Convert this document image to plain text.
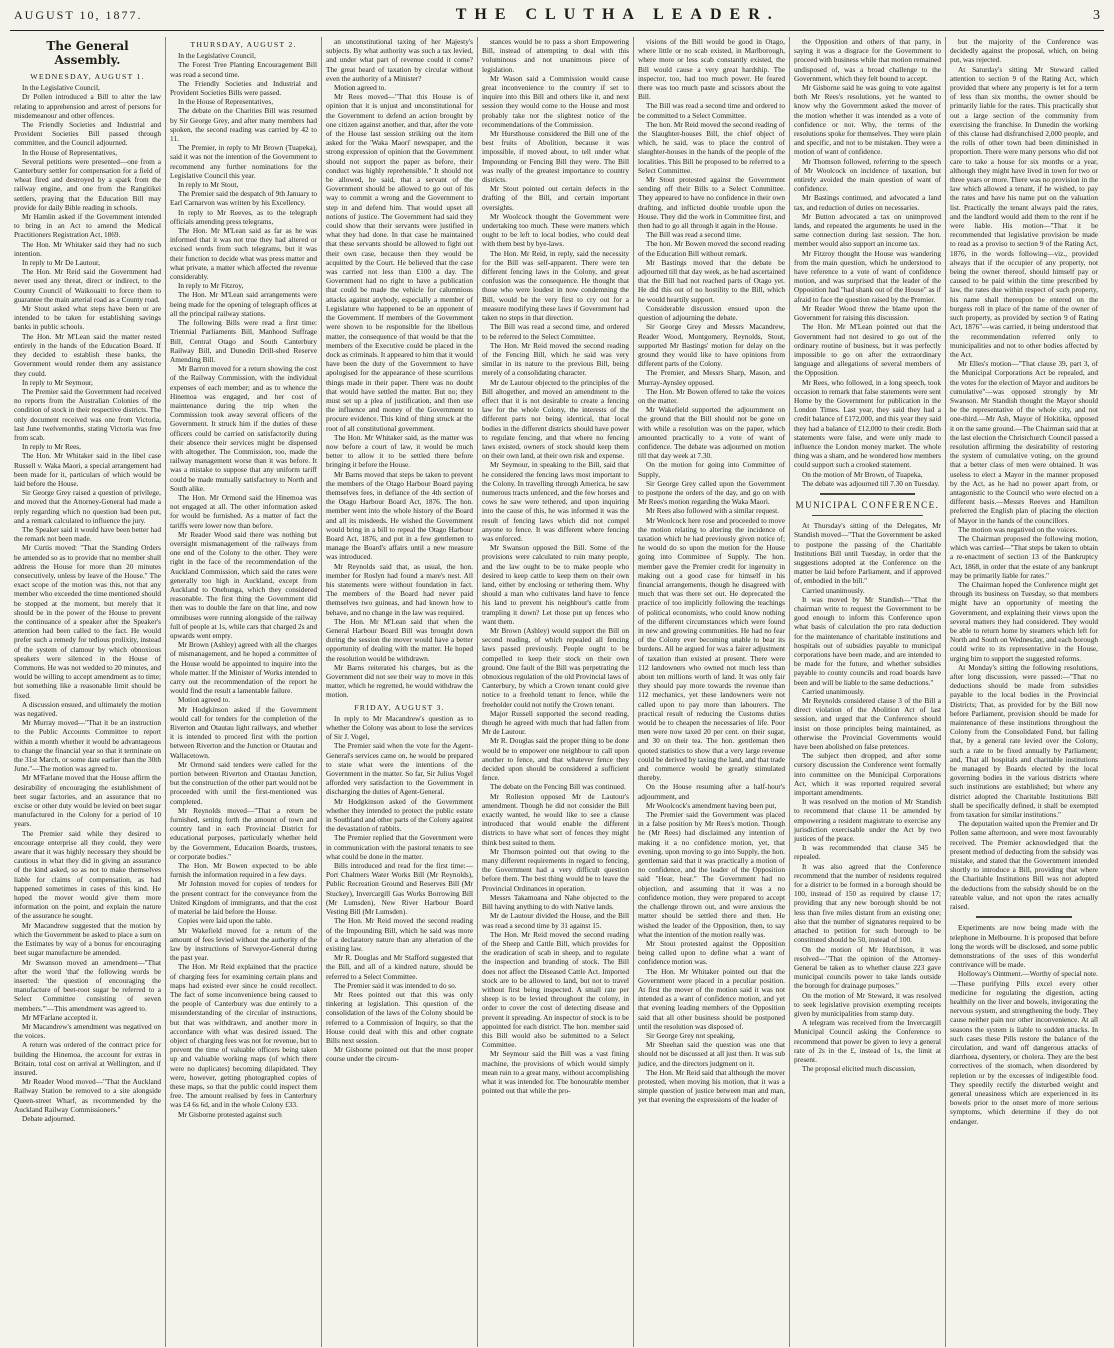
AUGUST 10, 1877.	THE CLUTHA LEADER.	3
The General Assembly.
WEDNESDAY, AUGUST 1.

In the Legislative Council,

Dr Pollen introduced a Bill to alter the law relating to apprehension and arrest of persons for misdemeanour and other offences.

The Friendly Societies and Industrial and Provident Societies Bill passed through committee, and the Council adjourned.

In the House of Representatives,

Several petitions were presented—one from a Canterbury settler for compensation for a field of wheat fired and destroyed by a spark from the railway engine, and one from the Rangitikei settlers, praying that the Education Bill may provide for daily Bible reading in schools.

Mr Hamlin asked if the Government intended to bring in an Act to amend the Medical Practitioners Registration Act, 1869.

The Hon. Mr Whitaker said they had no such intention.

In reply to Mr De Lautour,

The Hon. Mr Reid said the Government had never used any threat, direct or indirect, to the County Council of Waikouaiti to force them to guarantee the main arterial road as a County road.

Mr Stout asked what steps have been or are intended to be taken for establishing savings banks in public schools.

The Hon. Mr M'Lean said the matter rested entirely in the hands of the Education Board. If they decided to establish these banks, the Government would render them any assistance they could.

In reply to Mr Seymour,

The Premier said the Government had received no reports from the Australian Colonies of the condition of stock in their respective districts. The only document received was one from Victoria, last June twelvemonths, stating Victoria was free from scab.

In reply to Mr Rees,

The Hon. Mr Whitaker said in the libel case Russell v. Waka Maori, a special arrangement had been made for it, particulars of which would be laid before the House.

Sir George Grey raised a question of privilege, and moved that the Attorney-General had made a reply regarding which no question had been put, and a remark calculated to influence the jury.

The Speaker said it would have been better had the remark not been made.

Mr Curtis moved: "That the Standing Orders be amended so as to provide that no member shall address the House for more than 20 minutes consecutively, unless by leave of the House." The exact scope of the motion was this, not that any member who exceeded the time mentioned should be stopped at the moment, but merely that it should be in the power of the House to prevent the continuance of a speaker after the Speaker's attention had been called to the fact. He would prefer such a remedy for tedious prolixity, instead of the system of clamour by which obnoxious speakers were silenced in the House of Commons. He was not wedded to 20 minutes, and would be willing to accept amendment as to time; but something like a reasonable limit should be fixed.

A discussion ensued, and ultimately the motion was negatived.

Mr Murray moved—"That it be an instruction to the Public Accounts Committee to report within a month whether it would be advantageous to change the financial year so that it terminate on the 31st March, or some date earlier than the 30th June."—The motion was agreed to.

Mr M'Farlane moved that the House affirm the desirability of encouraging the establishment of beet sugar factories, and an assurance that no excise or other duty would be levied on beet sugar manufactured in the Colony for a period of 10 years.

The Premier said while they desired to encourage enterprise all they could, they were aware that it was highly necessary they should be cautious in what they did in giving an assurance of the kind asked, so as not to make themselves liable for claims of compensation, as had happened sometimes in cases of this kind. He hoped the mover would give them more information on the point, and explain the nature of the assurance he sought.

Mr Macandrew suggested that the motion by which the Government be asked to place a sum on the Estimates by way of a bonus for encouraging beet sugar manufacture be amended.

Mr Swanson moved an amendment—"That after the word 'that' the following words be inserted: 'the question of encouraging the manufacture of beet-root sugar be referred to a Select Committee consisting of seven members.'"—This amendment was agreed to.

Mr M'Farlane accepted it.

Mr Macandrew's amendment was negatived on the voices.

A return was ordered of the contract price for building the Hinemoa, the account for extras in Britain, total cost on arrival at Wellington, and if insured.

Mr Reader Wood moved—"That the Auckland Railway Station be removed to a site alongside Queen-street Wharf, as recommended by the Auckland Railway Commissioners."

Debate adjourned.

THURSDAY, AUGUST 2.

In the Legislative Council,

The Forest Tree Planting Encouragement Bill was read a second time.

The Friendly Societies and Industrial and Provident Societies Bills were passed.

In the House of Representatives,

The debate on the Charities Bill was resumed by Sir George Grey, and after many members had spoken, the second reading was carried by 42 to 11.

The Premier, in reply to Mr Brown (Tuapeka), said it was not the intention of the Government to recommend any further nominations for the Legislative Council this year.

In reply to Mr Stout,

The Premier said the despatch of 9th January to Earl Carnarvon was written by his Excellency.

In reply to Mr Reeves, as to the telegraph officials amending press telegrams,

The Hon. Mr M'Lean said as far as he was informed that it was not true they had altered or excised words from such telegrams, but it was their function to decide what was press matter and what private, a matter which affected the revenue considerably.

In reply to Mr Fitzroy,

The Hon. Mr M'Lean said arrangements were being made for the opening of telegraph offices at all the principal railway stations.

The following Bills were read a first time: Triennial Parliaments Bill, Manhood Suffrage Bill, Central Otago and South Canterbury Railway Bill, and Dunedin Drill-shed Reserve Amending Bill.

Mr Barron moved for a return showing the cost of the Railway Commission, with the individual expenses of each member; and as to whence the Hinemoa was engaged, and her cost of maintenance during the trip when the Commission took away several officers of the Government. It struck him if the duties of these officers could be carried on satisfactorily during their absence their services might be dispensed with altogether. The Commission, too, made the railway management worse than it was before. It was a mistake to suppose that any uniform tariff could be made mutually satisfactory to North and South alike.

The Hon. Mr Ormond said the Hinemoa was not engaged at all. The other information asked for would be furnished. As a matter of fact the tariffs were lower now than before.

Mr Reader Wood said there was nothing but oversight mismanagement of the railways from one end of the Colony to the other. They were right in the face of the recommendation of the Auckland Commission, which said the rates were generally too high in Auckland, except from Auckland to Onehunga, which they considered reasonable. The first thing the Government did then was to double the fare on that line, and now omnibuses were running alongside of the railway full of people at 1s, while cars that charged 2s and upwards went empty.

Mr Brown (Ashley) agreed with all the charges of mismanagement, and he hoped a committee of the House would be appointed to inquire into the whole matter. If the Minister of Works intended to carry out the recommendation of the report he would find the result a lamentable failure.

Motion agreed to.

Mr Hodgkinson asked if the Government would call for tenders for the completion of the Riverton and Otautau light railways, and whether it is intended to proceed first with the portion between Riverton and the Junction or Otautau and Wallacetown.

Mr Ormond said tenders were called for the portion between Riverton and Otautau Junction, but the construction of the other part would not be proceeded with until the first-mentioned was completed.

Mr Reynolds moved—"That a return be furnished, setting forth the amount of town and country land in each Provincial District for educational purposes, particularly whether held by the Government, Education Boards, trustees, or corporate bodies."

The Hon. Mr Bowen expected to be able furnish the information required in a few days.

Mr Johnston moved for copies of tenders for the present contract for the conveyance from the United Kingdom of immigrants, and that the cost of material be laid before the House.

Copies were laid upon the table.

Mr Wakefield moved for a return of the amount of fees levied without the authority of the law by instructions of Surveyor-General during the past year.

The Hon. Mr Reid explained that the practice of charging fees for examining certain plans and maps had existed ever since he could recollect. The fact of some inconvenience being caused to the people of Canterbury was due entirely to a misunderstanding of the circular of instructions, but that was withdrawn, and another more in accordance with what was desired issued. The object of charging fees was not for revenue, but to prevent the time of valuable officers being taken up and valuable working maps (of which there were no duplicates) becoming dilapidated. They were, however, getting photographed copies of these maps, so that the public could inspect them free. The amount realised by fees in Canterbury was £4 6s 6d, and in the whole Colony £33.

Mr Gisborne protested against such

an unconstitutional taxing of her Majesty's subjects. By what authority was such a tax levied, and under what part of revenue could it come? The great heard of taxation by circular without even the authority of a Minister?

Motion agreed to.

Mr Rees moved—"That this House is of opinion that it is unjust and unconstitutional for the Government to defend an action brought by one citizen against another, and that, after the vote of the House last session striking out the item asked for the 'Waka Maori' newspaper, and the strong expression of opinion that the Government should not support the paper as before, their conduct was highly reprehensible." It should not be allowed, he said, that a servant of the Government should be allowed to go out of his way to commit a wrong and the Government to step in and defend him. That would upset all notions of justice. The Government had said they could show that their servants were justified in what they had done. In that case he maintained that these servants should be allowed to fight out their own case, because then they would be acquitted by the Court. He believed that the case was carried not less than £100 a day. The Government had no right to have a publication that could be made the vehicle for calumnious attacks against anybody, especially a member of Legislature who happened to be an opponent of the Government. If members of the Government were shown to be responsible for the libellous matter, the consequence of that would be that the members of the Executive could be placed in the dock as criminals. It appeared to him that it would have been the duty of the Government to have apologised for the appearance of these scurrilous things made in their paper. There was no doubt that would have settled the matter. But no; they must set up a plea of justification, and then use the influence and money of the Government to procure evidence. This kind of thing struck at the root of all constitutional government.

The Hon. Mr Whitaker said, as the matter was now before a court of law, it would be much better to allow it to be settled there before bringing it before the House.

Mr Barns moved that steps be taken to prevent the members of the Otago Harbour Board paying themselves fees, in defiance of the 4th section of the Otago Harbour Board Act, 1876. The hon. member went into the whole history of the Board and all its misdeeds. He wished the Government would bring in a bill to repeal the Otago Harbour Board Act, 1876, and put in a few gentlemen to manage the Board's affairs until a new measure was introduced.

Mr Reynolds said that, as usual, the hon. member for Roslyn had found a mare's nest. All his statements were without foundation in fact. The members of the Board had never paid themselves two guineas, and had known how to behave, and no change in the law was required.

The Hon. Mr M'Lean said that when the General Harbour Board Bill was brought down during the session the mover would have a better opportunity of dealing with the matter. He hoped the resolution would be withdrawn.

Mr Barns reiterated his charges, but as the Government did not see their way to move in this matter, which he regretted, he would withdraw the motion.

FRIDAY, AUGUST 3.

In reply to Mr Macandrew's question as to whether the Colony was about to lose the services of Sir J. Vogel,

The Premier said when the vote for the Agent-General's services came on, he would be prepared to state what were the intentions of the Government in the matter. So far, Sir Julius Vogel afforded very satisfaction to the Government in discharging the duties of Agent-General.

Mr Hodgkinson asked of the Government whether they intended to protect the public estate in Southland and other parts of the Colony against the devastation of rabbits.

The Premier replied that the Government were in communication with the pastoral tenants to see what could be done in the matter.

Bills introduced and read for the first time:—Port Chalmers Water Works Bill (Mr Reynolds), Public Recreation Ground and Reserves Bill (Mr Stuckey), Invercargill Gas Works Borrowing Bill (Mr Lumsden), New River Harbour Board Vesting Bill (Mr Lumsden).

The Hon. Mr Reid moved the second reading of the Impounding Bill, which he said was more of a declaratory nature than any alteration of the existing law.

Mr R. Douglas and Mr Stafford suggested that the Bill, and all of a kindred nature, should be referred to a Select Committee.

The Premier said it was intended to do so.

Mr Rees pointed out that this was only tinkering at legislation. This question of the consolidation of the laws of the Colony should be referred to a Commission of Inquiry, so that the House could deal with this and other cognate Bills next session.

Mr Gisborne pointed out that the most proper course under the circum-

stances would be to pass a short Empowering Bill, instead of attempting to deal with this voluminous and not unanimous piece of legislation.

Mr Wason said a Commission would cause great inconvenience to the country if set to inquire into this Bill and others like it, and next session they would come to the House and most probably take not the slightest notice of the recommendations of the Commission.

Mr Hursthouse considered the Bill one of the best fruits of Abolition, because it was impossible, if moved about, to tell under what Impounding or Fencing Bill they were. The Bill was really of the greatest importance to country districts.

Mr Stout pointed out certain defects in the drafting of the Bill, and certain important oversights.

Mr Woolcock thought the Government were undertaking too much. These were matters which ought to be left to local bodies, who could deal with them best by bye-laws.

The Hon. Mr Reid, in reply, said the necessity for the Bill was self-apparent. There were ten different fencing laws in the Colony, and great confusion was the consequence. He thought that those who were loudest in now condemning the Bill, would be the very first to cry out for a measure modifying these laws if Government had taken no steps in that direction.

The Bill was read a second time, and ordered to be referred to the Select Committee.

The Hon. Mr Reid moved the second reading of the Fencing Bill, which he said was very similar in its nature to the previous Bill, being merely of a consolidating character.

Mr de Lautour objected to the principles of the Bill altogether, and moved an amendment to the effect that it is not desirable to create a fencing law for the whole Colony, the interests of the different parts not being identical, that local bodies in the different districts should have power to regulate fencing, and that where no fencing laws existed, owners of stock should keep them on their own land, at their own risk and expense.

Mr Seymour, in speaking to the Bill, said that he considered the fencing laws most important to the Colony. In travelling through America, he saw numerous tracts unfenced, and the few horses and cows he saw were tethered, and upon inquiring into the cause of this, he was informed it was the result of fencing laws which did not compel anyone to fence. It was different where fencing was enforced.

Mr Swanson opposed the Bill. Some of the provisions were calculated to ruin many people, and the law ought to be to make people who desired to keep cattle to keep them on their own land, either by enclosing or tethering them. Why should a man who cultivates land have to fence his land to prevent his neighbour's cattle from trampling it down? Let those put up fences who want them.

Mr Brown (Ashley) would support the Bill on second reading, of which repealed all fencing laws passed previously. People ought to be compelled to keep their stock on their own ground. One fault of the Bill was perpetrating the obnoxious regulation of the old Provincial laws of Canterbury, by which a Crown tenant could give notice to a freehold tenant to fence, while the freeholder could not notify the Crown tenant.

Major Russell supported the second reading, though he agreed with much that had fallen from Mr de Lautour.

Mr R. Douglas said the proper thing to be done would be to empower one neighbour to call upon another to fence, and that whatever fence they decided upon should be considered a sufficient fence.

The debate on the Fencing Bill was continued.

Mr Rolleston opposed Mr de Lautour's amendment. Though he did not consider the Bill exactly wanted, he would like to see a clause introduced that would enable the different districts to have what sort of fences they might think best suited to them.

Mr Thomson pointed out that owing to the many different requirements in regard to fencing, the Government had a very difficult question before them. The best thing would be to leave the Provincial Ordinances in operation.

Messrs Takamoana and Nahe objected to the Bill having anything to do with Native lands.

Mr de Lautour divided the House, and the Bill was read a second time by 31 against 15.

The Hon. Mr Reid moved the second reading of the Sheep and Cattle Bill, which provides for the eradication of scab in sheep, and to regulate the inspection and branding of stock. The Bill does not affect the Diseased Cattle Act. Imported stock are to be allowed to land, but not to travel without first being inspected. A small rate per sheep is to be levied throughout the colony, in order to cover the cost of detecting disease and prevent it spreading. An inspector of stock is to be appointed for each district. The hon. member said this Bill would also be submitted to a Select Committee.

Mr Seymour said the Bill was a vast fining machine, the provisions of which would simply mean ruin to a great many, without accomplishing what it was intended for. The honourable member pointed out that while the pro-

visions of the Bill would be good in Otago, where little or no scab existed, in Marlborough, where more or less scab constantly existed, the Bill would cause a very great hardship. The inspector, too, had too much power. He feared there was too much paste and scissors about the Bill.

The Bill was read a second time and ordered to be committed to a Select Committee.

The hon. Mr Reid moved the second reading of the Slaughter-houses Bill, the chief object of which, he said, was to place the control of slaughter-houses in the hands of the people of the localities. This Bill he proposed to be referred to a Select Committee.

Mr Stout protested against the Government sending off their Bills to a Select Committee. They appeared to have no confidence in their own drafting, and inflicted double trouble upon the House. They did the work in Committee first, and then had to go all through it again in the House.

The Bill was read a second time.

The hon. Mr Bowen moved the second reading of the Education Bill without remark.

Mr Bastings moved that the debate be adjourned till that day week, as he had ascertained that the Bill had not reached parts of Otago yet. He did this out of no hostility to the Bill, which he would heartily support.

Considerable discussion ensued upon the question of adjourning the debate.

Sir George Grey and Messrs Macandrew, Reader Wood, Montgomery, Reynolds, Stout, supported Mr Bastings' motion for delay on the ground they would like to have opinions from different parts of the Colony.

The Premier, and Messrs Sharp, Mason, and Murray-Aynsley opposed.

The Hon. Mr Bowen offered to take the voices on the matter.

Mr Wakefield supported the adjournment on the ground that the Bill should not be gone on with while a resolution was on the paper, which amounted practically to a vote of want of confidence. The debate was adjourned on motion till that day week at 7.30.

On the motion for going into Committee of Supply,

Sir George Grey called upon the Government to postpone the orders of the day, and go on with Mr Rees's motion regarding the Waka Maori.

Mr Rees also followed with a similar request.

Mr Woolcock here rose and proceeded to move the motion relating to altering the incidence of taxation which he had previously given notice of; he would do so upon the motion for the House going into Committee of Supply. The hon. member gave the Premier credit for ingenuity in making out a good case for himself in his financial arrangements, though he disagreed with much that was there set out. He deprecated the practice of too implicitly following the teachings of political economists, who could know nothing of the different circumstances which were found in new and growing communities. He had no fear of the Colony ever becoming unable to bear its burdens. All he argued for was a fairer adjustment of taxation than existed at present. There were 112 landowners who owned not much less than about ten millions worth of land. It was only fair they should pay more towards the revenue than 112 mechanics, yet these landowners were not called upon to pay more than labourers. The practical result of reducing the Customs duties would be to cheapen the necessaries of life. Poor men were now taxed 20 per cent. on their sugar, and 30 on their tea. The hon. gentleman then quoted statistics to show that a very large revenue could be derived by taxing the land, and that trade and commerce would be greatly stimulated thereby.

On the House resuming after a half-hour's adjournment, and

Mr Woolcock's amendment having been put,

The Premier said the Government was placed in a false position by Mr Rees's motion. Though he (Mr Rees) had disclaimed any intention of making it a no confidence motion, yet, that evening, upon moving to go into Supply, the hon. gentleman said that it was practically a motion of no confidence, and the leader of the Opposition said "Hear, hear." The Government had no objection, and assuming that it was a no confidence motion, they were prepared to accept the challenge thrown out, and were anxious the matter should be settled there and then. He wished the leader of the Opposition, then, to say what the intention of the motion really was.

Mr Stout protested against the Opposition being called upon to define what a want of confidence motion was.

The Hon. Mr Whitaker pointed out that the Government were placed in a peculiar position. At first the mover of the motion said it was not intended as a want of confidence motion, and yet that evening leading members of the Opposition said that all other business should be postponed until the resolution was disposed of.

Sir George Grey not speaking,

Mr Sheehan said the question was one that should not be discussed at all just then. It was sub judice, and the directors judgment on it.

The Hon. Mr Reid said that although the mover protested, when moving his motion, that it was a simple question of justice between man and man, yet that evening the expressions of the leader of

the Opposition and others of that party, in saying it was a disgrace for the Government to proceed with business while that motion remained undisposed of, was a broad challenge to the Government, which they felt bound to accept.

Mr Gisborne said he was going to vote against both Mr Rees's resolutions, yet he wanted to know why the Government asked the mover of the motion whether it was intended as a vote of confidence or not. Why, the terms of the resolutions spoke for themselves. They were plain and specific, and not to be mistaken. They were a motion of want of confidence.

Mr Thomson followed, referring to the speech of Mr Woolcock on incidence of taxation, but entirely avoided the main question of want of confidence.

Mr Bastings continued, and advocated a land tax, and reduction of duties on necessaries.

Mr Button advocated a tax on unimproved lands, and repeated the arguments he used in the same connection during last session. The hon. member would also support an income tax.

Mr Fitzroy thought the House was wandering from the main question, which he understood to have reference to a vote of want of confidence motion, and was surprised that the leader of the Opposition had "had shank out of the House" as if afraid to face the question raised by the Premier.

Mr Reader Wood threw the blame upon the Government for raising this discussion.

The Hon. Mr M'Lean pointed out that the Government had not desired to go out of the ordinary routine of business, but it was perfectly impossible to go on after the extraordinary language and allegations of several members of the Opposition.

Mr Rees, who followed, in a long speech, took occasion to remark that false statements were sent Home by the Government for publication in the London Times. Last year, they said they had a credit balance of £172,000, and this year they said they had a balance of £12,000 to their credit. Both statements were false, and were only made to influence the London money market. The whole thing was a sham, and he wondered how members could support such a crooked statement.

On the motion of Mr Brown, of Tuapeka,

The debate was adjourned till 7.30 on Tuesday.

MUNICIPAL CONFERENCE.

At Thursday's sitting of the Delegates, Mr Standish moved—"That the Government be asked to postpone the passing of the Charitable Institutions Bill until Tuesday, in order that the suggestions adopted at the Conference on the matter be laid before Parliament, and if approved of, embodied in the bill."

Carried unanimously.

It was moved by Mr Standish—"That the chairman write to request the Government to be good enough to inform this Conference upon what basis of calculation the pro rata deduction for the maintenance of charitable institutions and hospitals out of subsidies payable to municipal corporations have been made, and are intended to be made for the future, and whether subsidies payable to county councils and road boards have been and will be liable to the same deductions."

Carried unanimously.

Mr Reynolds considered clause 3 of the Bill a direct violation of the Abolition Act of last session, and urged that the Conference should insist on those principles being maintained, as otherwise the Provincial Governments would have been abolished on false pretences.

The subject then dropped, and after some cursory discussion the Conference went formally into committee on the Municipal Corporations Act, which it was reported required several important amendments.

It was resolved on the motion of Mr Standish to recommend that clause 11 be amended by empowering a resident magistrate to exercise any jurisdiction exercisable under the Act by two justices of the peace.

It was recommended that clause 345 be repealed.

It was also agreed that the Conference recommend that the number of residents required for a district to be formed in a borough should be 100, instead of 150 as required by clause 17; providing that any new borough should be not less than five miles distant from an existing one; also that the number of signatures required to be attached to petition for such borough to be constituted should be 50, instead of 100.

On the motion of Mr Hutchison, it was resolved—"That the opinion of the Attorney-General be taken as to whether clause 223 gave municipal councils power to take lands outside the borough for drainage purposes."

On the motion of Mr Steward, it was resolved to seek legislative provision exempting receipts given by municipalities from stamp duty.

A telegram was received from the Invercargill Municipal Council asking the Conference to recommend that power be given to levy a general rate of 2s in the £, instead of 1s, the limit at present.

The proposal elicited much discussion,

but the majority of the Conference was decidedly against the proposal, which, on being put, was rejected.

At Saturday's sitting Mr Steward called attention to section 9 of the Rating Act, which provided that where any property is let for a term of less than six months, the owner should be primarily liable for the rates. This practically shut out a large section of the community from exercising the franchise. In Dunedin the working of this clause had disfranchised 2,000 people, and the rolls of other town had been diminished in proportion. There were many persons who did not care to take a house for six months or a year, although they might have lived in town for two or three years or more. There was no provision in the law which allowed a tenant, if he wished, to pay the rates and have his name put on the valuation list. Practically the tenant always paid the rates, and the landlord would add them to the rent if he were liable. His motion—"That it be recommended that legislative provision be made to read as a proviso to section 9 of the Rating Act, 1876, in the words following—viz., provided always that if the occupier of any property, not being the owner thereof, should himself pay or caused to be paid within the time prescribed by law, the rates due within respect of such property, his name shall thereupon be entered on the burgess roll in place of the name of the owner of such property, as provided by section 9 of Rating Act, 1876"—was carried, it being understood that the recommendation referred only to municipalities and not to other bodies affected by the Act.

Mr Elles's motion—"That clause 39, part 3, of the Municipal Corporations Act be repealed, and the votes for the election of Mayor and auditors be cumulative"—was opposed strongly by Mr Swanson. Mr Standish thought the Mayor should be the representative of the whole city, and not one-third.—Mr Ash, Mayor of Hokitika, opposed it on the same ground.—The Chairman said that at the last election the Christchurch Council passed a resolution affirming the desirability of restoring the system of cumulative voting, on the ground that a better class of men were obtained. It was useless to elect a Mayor in the manner proposed by the Act, as he had no power apart from, or antagonistic to the Council who were elected on a different basis.—Messrs Reeves and Hamilton preferred the English plan of placing the election of Mayor in the hands of the councillors.

The motion was negatived on the voices.

The Chairman proposed the following motion, which was carried—"That steps be taken to obtain a re-enactment of section 13 of the Bankruptcy Act, 1868, in order that the estate of any bankrupt may be primarily liable for rates."

The Chairman hoped the Conference might get through its business on Tuesday, so that members might have an opportunity of meeting the Government, and explaining their views upon the several matters they had considered. They would be able to return home by steamers which left for North and South on Wednesday, and each borough could write to its representative in the House, urging him to support the suggested reforms.

At Monday's sitting the following resolutions, after long discussion, were passed:—"That no deductions should be made from subsidies payable to the local bodies in the Provincial Districts; That, as provided for by the Bill now before Parliament, provision should be made for maintenance of these institutions throughout the Colony from the Consolidated Fund, but failing that, by a general rate levied over the Colony, such a rate to be fixed annually by Parliament; and, That all hospitals and charitable institutions be managed by Boards elected by the local governing bodies in the various districts where such institutions are established; but where any district adopted the Charitable Institutions Bill shall be specifically defined, it shall be exempted from taxation for similar institutions."

The deputation waited upon the Premier and Dr Pollen same afternoon, and were most favourably received. The Premier acknowledged that the present method of deducting from the subsidy was mistake, and stated that the Government intended shortly to introduce a Bill, providing that where the Charitable Institutions Bill was not adopted the deductions from the subsidy should be on the rateable value, and not upon the rates actually raised.

Experiments are now being made with the telephone in Melbourne. It is proposed that before long the words will be disclosed, and some public demonstrations of the uses of this wonderful contrivance will be made.

Holloway's Ointment.—Worthy of special note.—These purifying Pills excel every other medicine for regulating the digestion, acting healthily on the liver and bowels, invigorating the nervous system, and strengthening the body. They cause neither pain nor other inconvenience. At all seasons the system is liable to sudden attacks. In such cases these Pills restore the balance of the circulation, and ward off dangerous attacks of diarrhoea, dysentery, or cholera. They are the best correctives of the stomach, when disordered by repletion or by the excesses of indigestible food. They speedily rectify the disturbed weight and general uneasiness which are experienced in its bowels prior to the onset more of more serious symptoms, which determine if they do not endanger.
